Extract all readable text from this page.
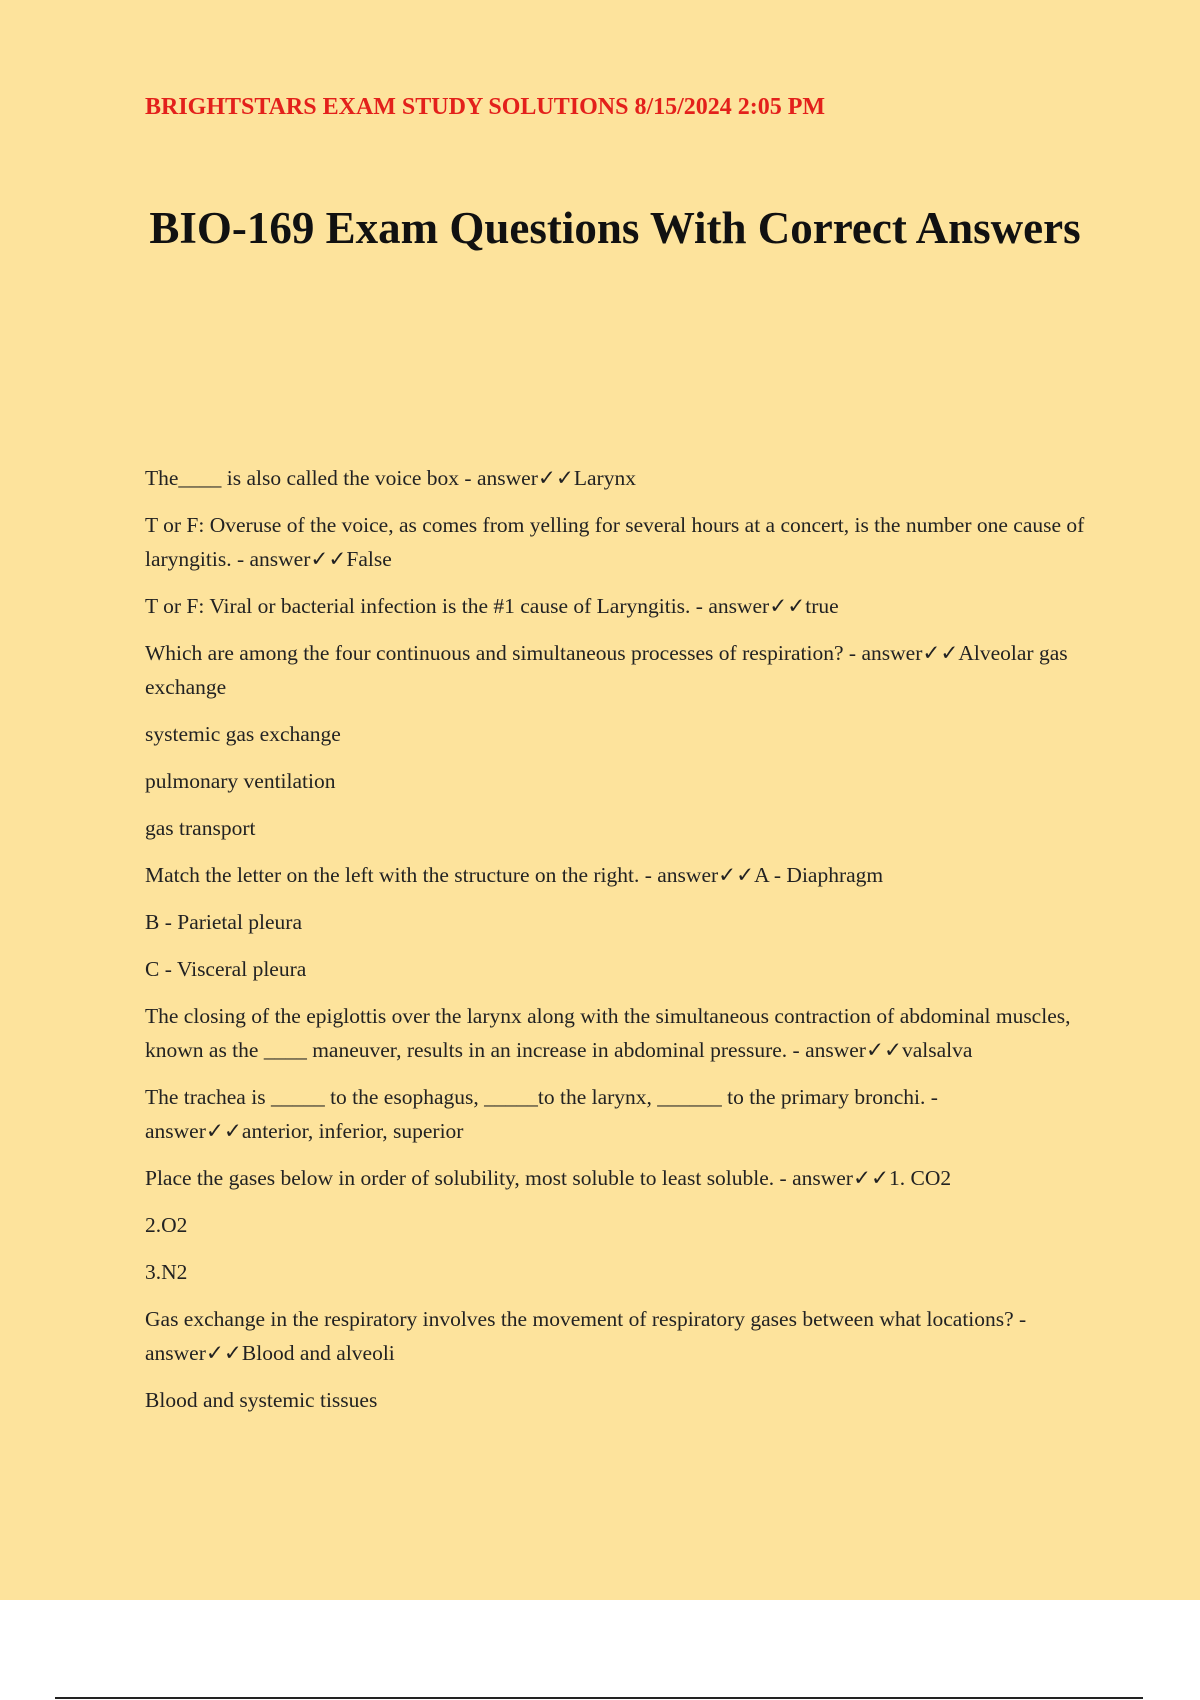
BRIGHTSTARS EXAM STUDY SOLUTIONS 8/15/2024 2:05 PM
BIO-169 Exam Questions With Correct Answers

The____ is also called the voice box - answer✓✓Larynx

T or F: Overuse of the voice, as comes from yelling for several hours at a concert, is the number one cause of laryngitis. - answer✓✓False

T or F: Viral or bacterial infection is the #1 cause of Laryngitis. - answer✓✓true

Which are among the four continuous and simultaneous processes of respiration? - answer✓✓Alveolar gas exchange

systemic gas exchange

pulmonary ventilation

gas transport

Match the letter on the left with the structure on the right. - answer✓✓A - Diaphragm

B - Parietal pleura

C - Visceral pleura

The closing of the epiglottis over the larynx along with the simultaneous contraction of abdominal muscles, known as the ____ maneuver, results in an increase in abdominal pressure. - answer✓✓valsalva

The trachea is _____ to the esophagus, _____to the larynx, ______ to the primary bronchi. - answer✓✓anterior, inferior, superior

Place the gases below in order of solubility, most soluble to least soluble. - answer✓✓1. CO2

2.O2

3.N2

Gas exchange in the respiratory involves the movement of respiratory gases between what locations? - answer✓✓Blood and alveoli

Blood and systemic tissues
